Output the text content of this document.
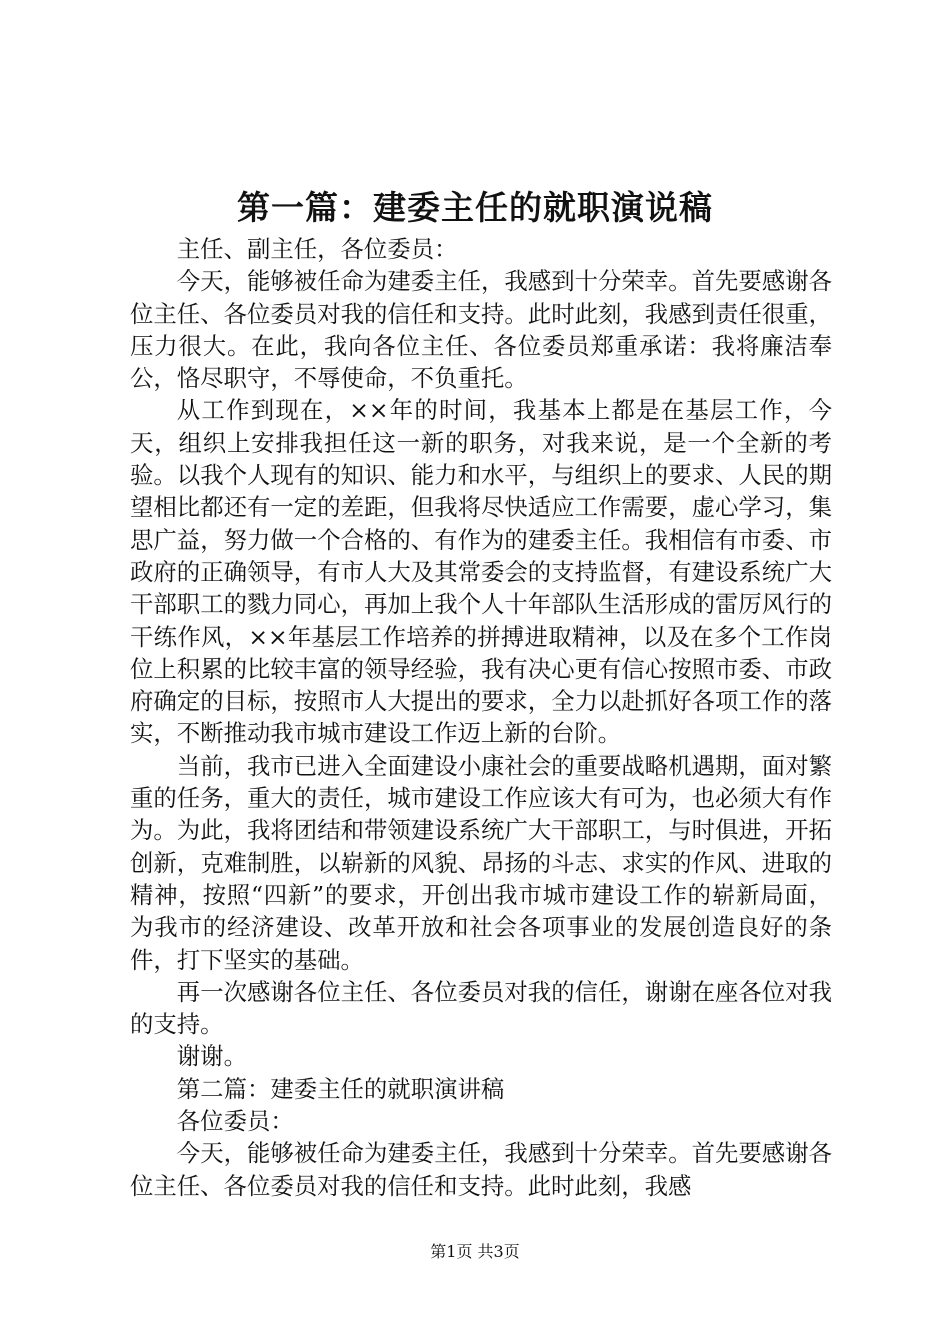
第一篇：建委主任的就职演说稿

主任、副主任，各位委员：

今天，能够被任命为建委主任，我感到十分荣幸。首先要感谢各位主任、各位委员对我的信任和支持。此时此刻，我感到责任很重，压力很大。在此，我向各位主任、各位委员郑重承诺：我将廉洁奉公，恪尽职守，不辱使命，不负重托。

从工作到现在，××年的时间，我基本上都是在基层工作，今天，组织上安排我担任这一新的职务，对我来说，是一个全新的考验。以我个人现有的知识、能力和水平，与组织上的要求、人民的期望相比都还有一定的差距，但我将尽快适应工作需要，虚心学习，集思广益，努力做一个合格的、有作为的建委主任。我相信有市委、市政府的正确领导，有市人大及其常委会的支持监督，有建设系统广大干部职工的戮力同心，再加上我个人十年部队生活形成的雷厉风行的干练作风，××年基层工作培养的拼搏进取精神，以及在多个工作岗位上积累的比较丰富的领导经验，我有决心更有信心按照市委、市政府确定的目标，按照市人大提出的要求，全力以赴抓好各项工作的落实，不断推动我市城市建设工作迈上新的台阶。

当前，我市已进入全面建设小康社会的重要战略机遇期，面对繁重的任务，重大的责任，城市建设工作应该大有可为，也必须大有作为。为此，我将团结和带领建设系统广大干部职工，与时俱进，开拓创新，克难制胜，以崭新的风貌、昂扬的斗志、求实的作风、进取的精神，按照“四新”的要求，开创出我市城市建设工作的崭新局面，为我市的经济建设、改革开放和社会各项事业的发展创造良好的条件，打下坚实的基础。

再一次感谢各位主任、各位委员对我的信任，谢谢在座各位对我的支持。

谢谢。

第二篇：建委主任的就职演讲稿

各位委员：

今天，能够被任命为建委主任，我感到十分荣幸。首先要感谢各位主任、各位委员对我的信任和支持。此时此刻，我感

第1页 共3页
